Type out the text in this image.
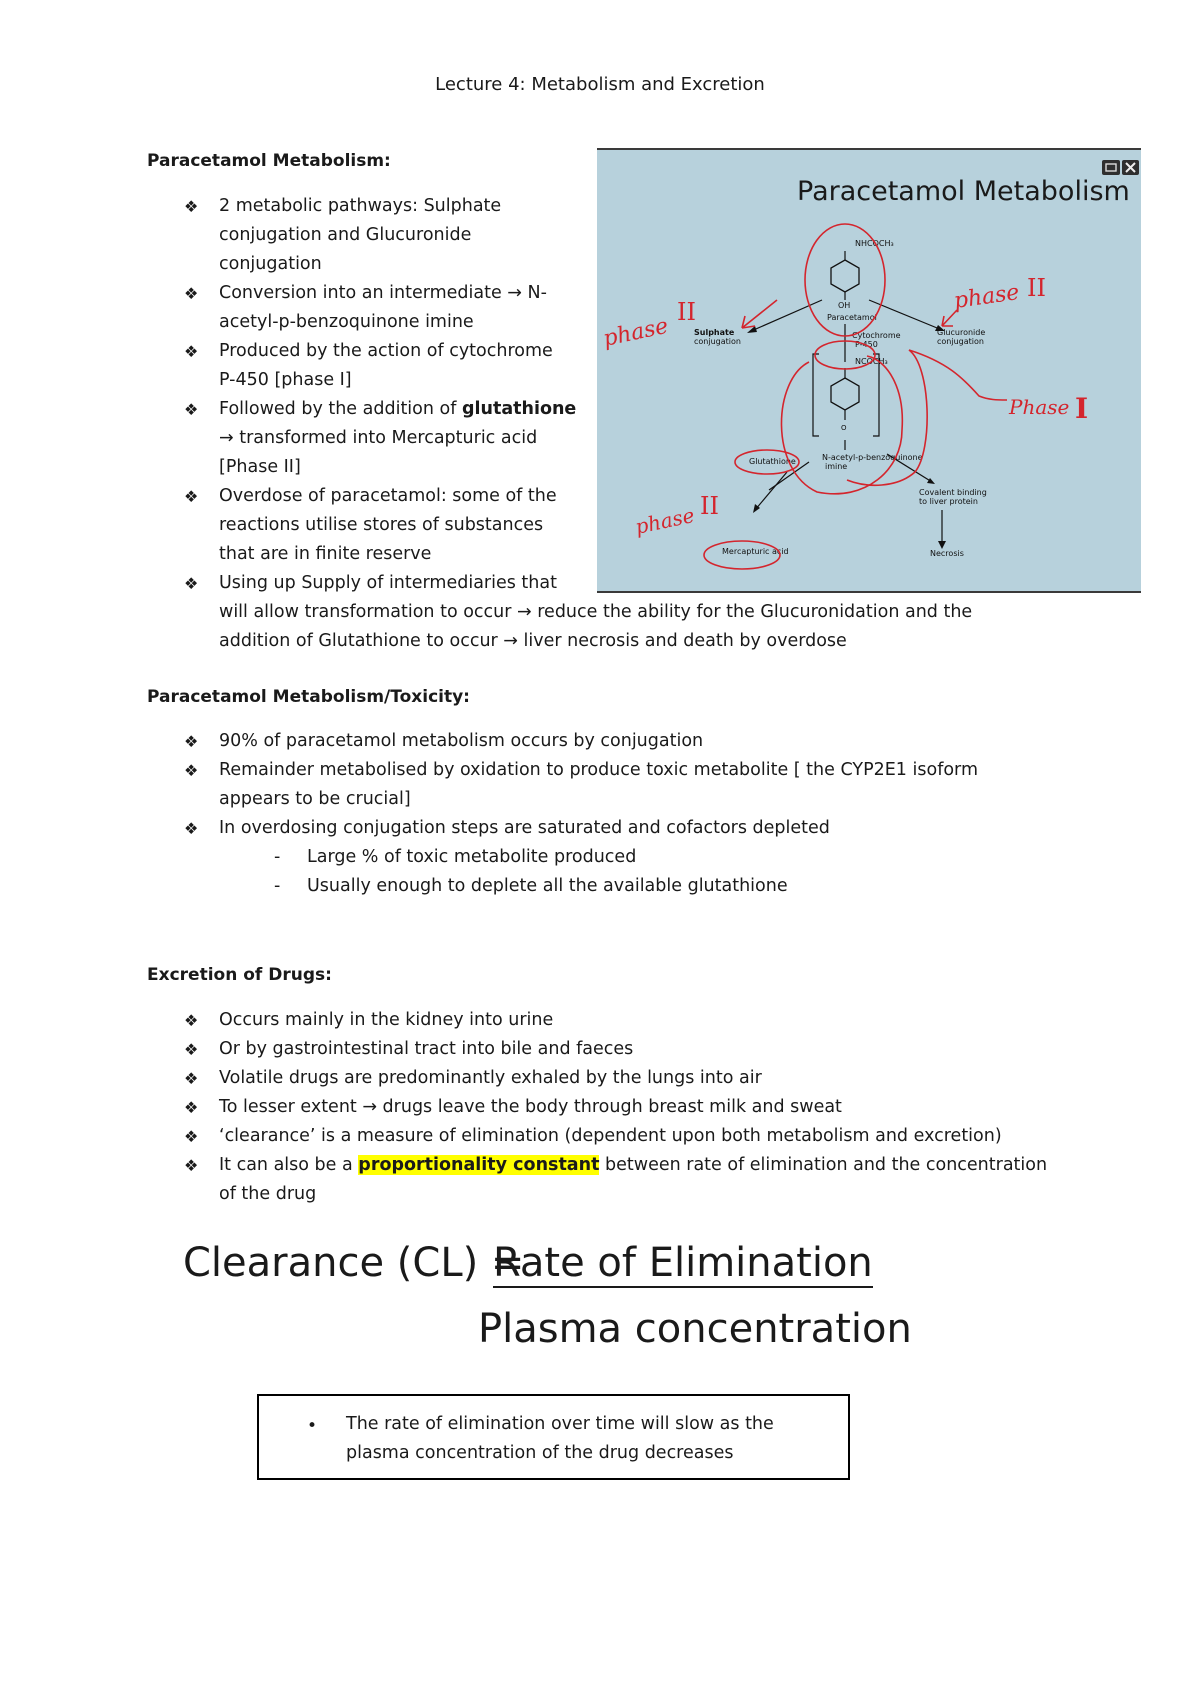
Lecture 4: Metabolism and Excretion
Paracetamol Metabolism:
❖ 2 metabolic pathways: Sulphate
conjugation and Glucuronide
conjugation
❖ Conversion into an intermediate → N-
acetyl-p-benzoquinone imine
❖ Produced by the action of cytochrome
P-450 [phase I]
❖ Followed by the addition of glutathione
→ transformed into Mercapturic acid
[Phase II]
❖ Overdose of paracetamol: some of the
reactions utilise stores of substances
that are in finite reserve
❖ Using up Supply of intermediaries that
will allow transformation to occur → reduce the ability for the Glucuronidation and the
addition of Glutathione to occur → liver necrosis and death by overdose
Paracetamol Metabolism
NHCOCH₃
OH
Paracetamol
Sulphate
conjugation
Glucuronide
conjugation
Cytochrome
P-450
NCOCH₃
O
N-acetyl-p-benzoquinone
imine
Glutathione
Covalent binding
to liver protein
Mercapturic acid	Necrosis
phase
II	phase II
Phase I
phase II
Paracetamol Metabolism/Toxicity:
❖ 90% of paracetamol metabolism occurs by conjugation
❖ Remainder metabolised by oxidation to produce toxic metabolite [ the CYP2E1 isoform
appears to be crucial]
❖ In overdosing conjugation steps are saturated and cofactors depleted
- Large % of toxic metabolite produced
- Usually enough to deplete all the available glutathione
Excretion of Drugs:
❖ Occurs mainly in the kidney into urine
❖ Or by gastrointestinal tract into bile and faeces
❖ Volatile drugs are predominantly exhaled by the lungs into air
❖ To lesser extent → drugs leave the body through breast milk and sweat
❖ ‘clearance’ is a measure of elimination (dependent upon both metabolism and excretion)
❖ It can also be a proportionality constant between rate of elimination and the concentration
of the drug
Clearance (CL) =
Rate of Elimination
Plasma concentration
• The rate of elimination over time will slow as the
plasma concentration of the drug decreases
